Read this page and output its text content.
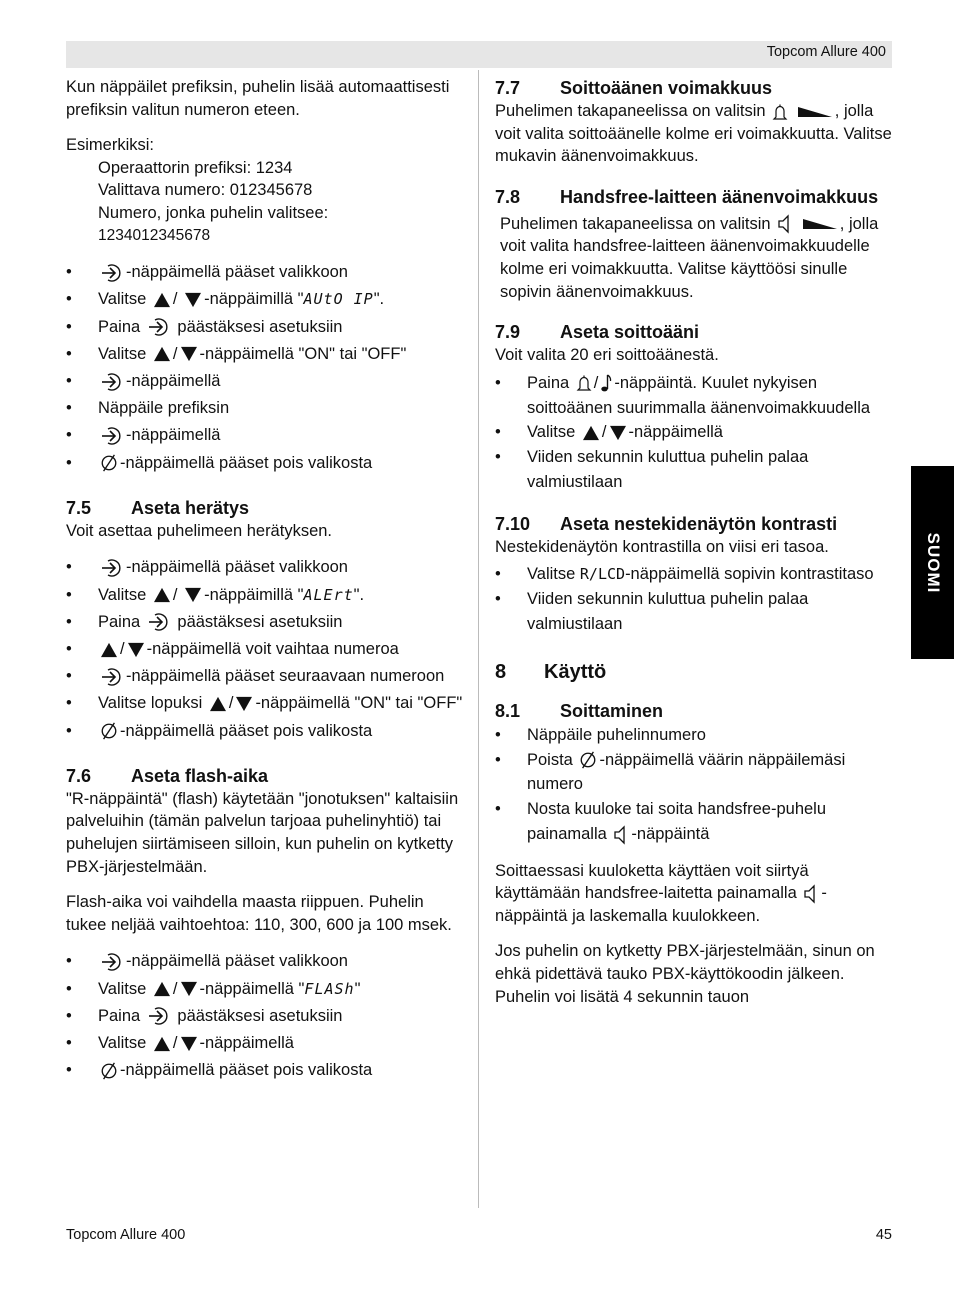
Topcom Allure 400
SUOMI

Kun näppäilet prefiksin, puhelin lisää automaattisesti prefiksin valitun numeron eteen.

Esimerkiksi:

Operaattorin prefiksi: 1234

Valittava numero: 012345678

Numero, jonka puhelin valitsee:

1234012345678

• -näppäimellä pääset valikkoon
• Valitse / -näppäimillä "AUtO IP".
• Paina päästäksesi asetuksiin
• Valitse / -näppäimellä "ON" tai "OFF"
• -näppäimellä
• Näppäile prefiksin
• -näppäimellä
• -näppäimellä pääset pois valikosta
7.5	Aseta herätys

Voit asettaa puhelimeen herätyksen.

• -näppäimellä pääset valikkoon
• Valitse / -näppäimillä "ALErt".
• Paina päästäksesi asetuksiin
• / -näppäimellä voit vaihtaa numeroa
• -näppäimellä pääset seuraavaan numeroon
• Valitse lopuksi / -näppäimellä "ON" tai "OFF"
• -näppäimellä pääset pois valikosta
7.6	Aseta flash-aika

"R-näppäintä" (flash) käytetään "jonotuksen" kaltaisiin palveluihin (tämän palvelun tarjoaa puhelinyhtiö) tai puhelujen siirtämiseen silloin, kun puhelin on kytketty PBX-järjestelmään.

Flash-aika voi vaihdella maasta riippuen. Puhelin tukee neljää vaihtoehtoa: 110, 300, 600 ja 100 msek.

• -näppäimellä pääset valikkoon
• Valitse / -näppäimellä "FLASh"
• Paina päästäksesi asetuksiin
• Valitse / -näppäimellä
• -näppäimellä pääset pois valikosta
7.7	Soittoäänen voimakkuus

Puhelimen takapaneelissa on valitsin	, jolla voit valita soittoäänelle kolme eri voimakkuutta. Valitse mukavin äänenvoimakkuus.

7.8	Handsfree-laitteen äänenvoimakkuus

Puhelimen takapaneelissa on valitsin	, jolla voit valita handsfree-laitteen äänenvoimakkuudelle kolme eri voimakkuutta. Valitse käyttöösi sinulle sopivin äänenvoimakkuus.

7.9	Aseta soittoääni

Voit valita 20 eri soittoäänestä.

• Paina / -näppäintä. Kuulet nykyisen soittoäänen suurimmalla äänenvoimakkuudella
• Valitse / -näppäimellä
• Viiden sekunnin kuluttua puhelin palaa valmiustilaan
7.10	Aseta nestekidenäytön kontrasti

Nestekidenäytön kontrastilla on viisi eri tasoa.

• Valitse R/LCD-näppäimellä sopivin kontrastitaso
• Viiden sekunnin kuluttua puhelin palaa valmiustilaan
8	Käyttö
8.1	Soittaminen
• Näppäile puhelinnumero
• Poista -näppäimellä väärin näppäilemäsi numero
• Nosta kuuloke tai soita handsfree-puhelu painamalla -näppäintä

Soittaessasi kuuloketta käyttäen voit siirtyä käyttämään handsfree-laitetta painamalla -näppäintä ja laskemalla kuulokkeen.

Jos puhelin on kytketty PBX-järjestelmään, sinun on ehkä pidettävä tauko PBX-käyttökoodin jälkeen. Puhelin voi lisätä 4 sekunnin tauon

Topcom Allure 400	45
